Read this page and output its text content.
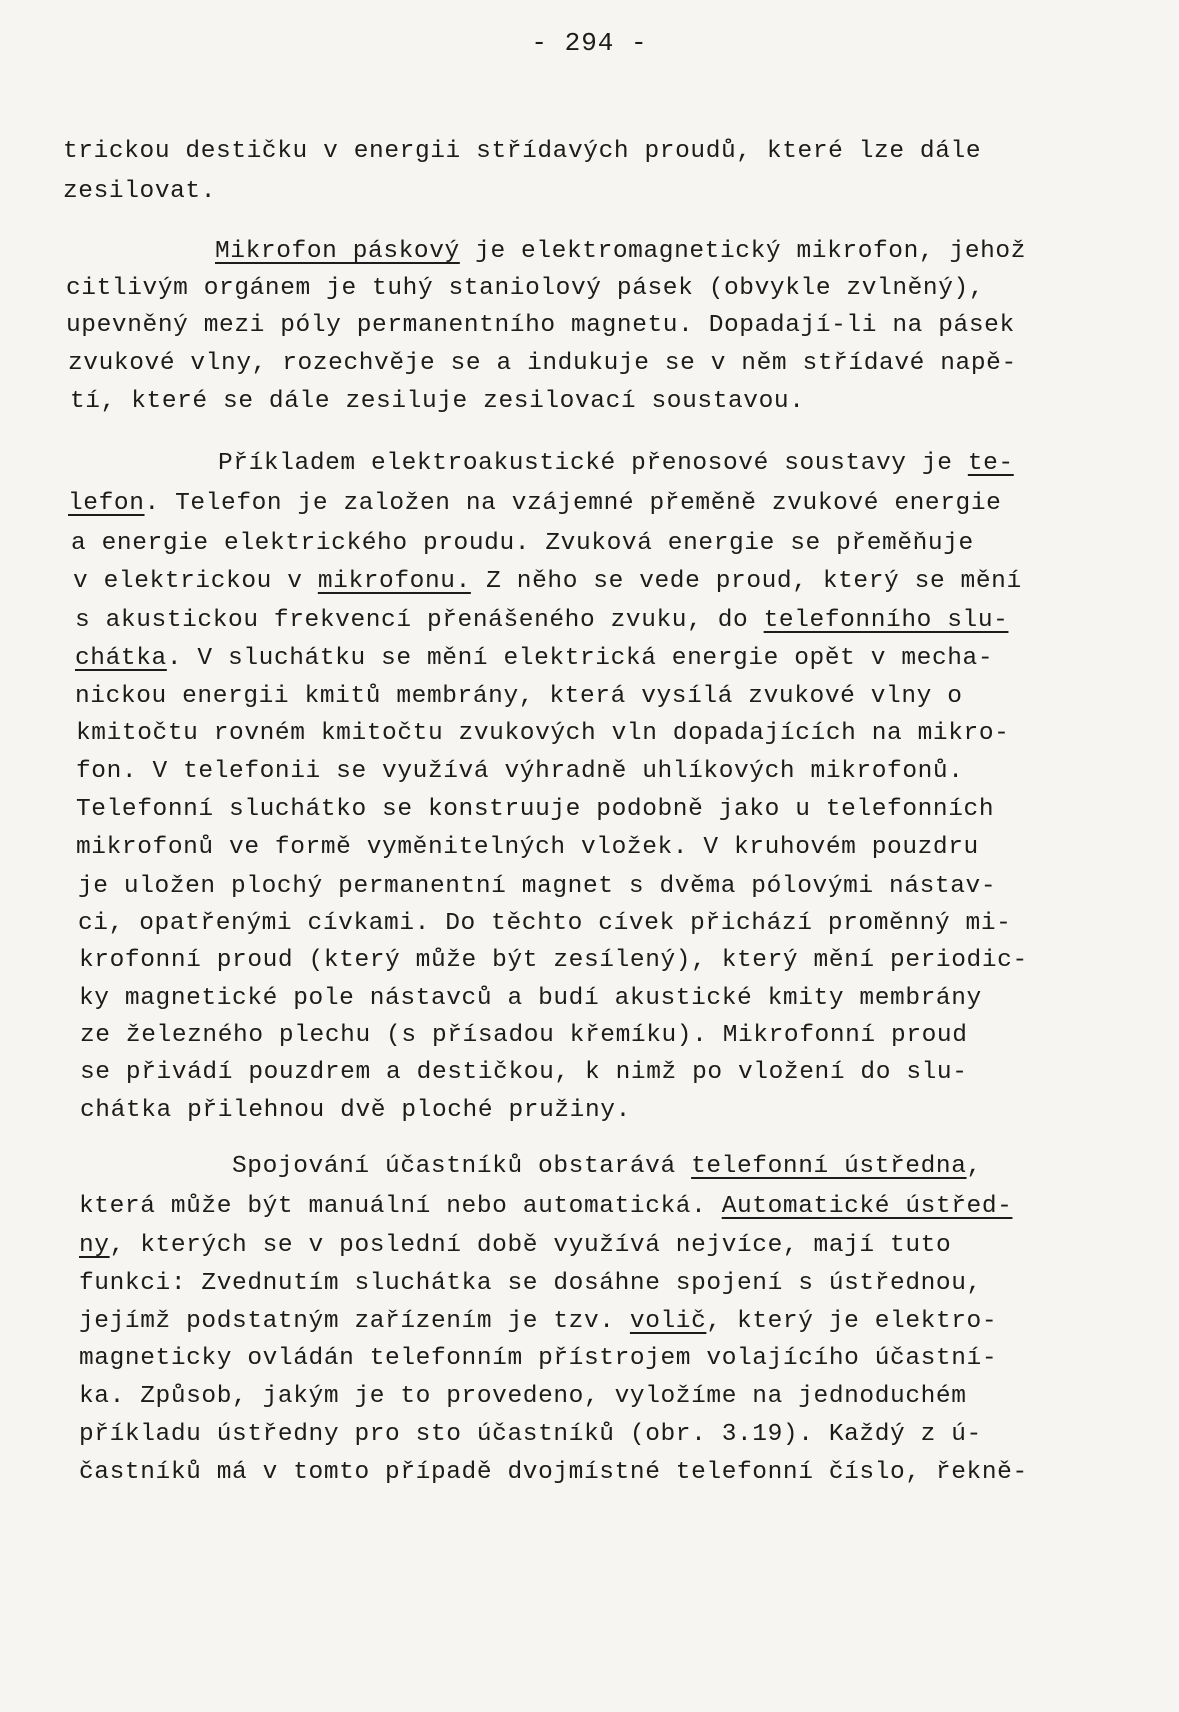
- 294 -
trickou destičku v energii střídavých proudů, které lze dále
zesilovat.
Mikrofon páskový je elektromagnetický mikrofon, jehož
citlivým orgánem je tuhý staniolový pásek (obvykle zvlněný),
upevněný mezi póly permanentního magnetu. Dopadají-li na pásek
zvukové vlny, rozechvěje se a indukuje se v něm střídavé napě-
tí, které se dále zesiluje zesilovací soustavou.
Příkladem elektroakustické přenosové soustavy je te-
lefon. Telefon je založen na vzájemné přeměně zvukové energie
a energie elektrického proudu. Zvuková energie se přeměňuje
v elektrickou v mikrofonu. Z něho se vede proud, který se mění
s akustickou frekvencí přenášeného zvuku, do telefonního slu-
chátka. V sluchátku se mění elektrická energie opět v mecha-
nickou energii kmitů membrány, která vysílá zvukové vlny o
kmitočtu rovném kmitočtu zvukových vln dopadajících na mikro-
fon. V telefonii se využívá výhradně uhlíkových mikrofonů.
Telefonní sluchátko se konstruuje podobně jako u telefonních
mikrofonů ve formě vyměnitelných vložek. V kruhovém pouzdru
je uložen plochý permanentní magnet s dvěma pólovými nástav-
ci, opatřenými cívkami. Do těchto cívek přichází proměnný mi-
krofonní proud (který může být zesílený), který mění periodic-
ky magnetické pole nástavců a budí akustické kmity membrány
ze železného plechu (s přísadou křemíku). Mikrofonní proud
se přivádí pouzdrem a destičkou, k nimž po vložení do slu-
chátka přilehnou dvě ploché pružiny.
Spojování účastníků obstarává telefonní ústředna,
která může být manuální nebo automatická. Automatické ústřed-
ny, kterých se v poslední době využívá nejvíce, mají tuto
funkci: Zvednutím sluchátka se dosáhne spojení s ústřednou,
jejímž podstatným zařízením je tzv. volič, který je elektro-
magneticky ovládán telefonním přístrojem volajícího účastní-
ka. Způsob, jakým je to provedeno, vyložíme na jednoduchém
příkladu ústředny pro sto účastníků (obr. 3.19). Každý z ú-
častníků má v tomto případě dvojmístné telefonní číslo, řekně-
